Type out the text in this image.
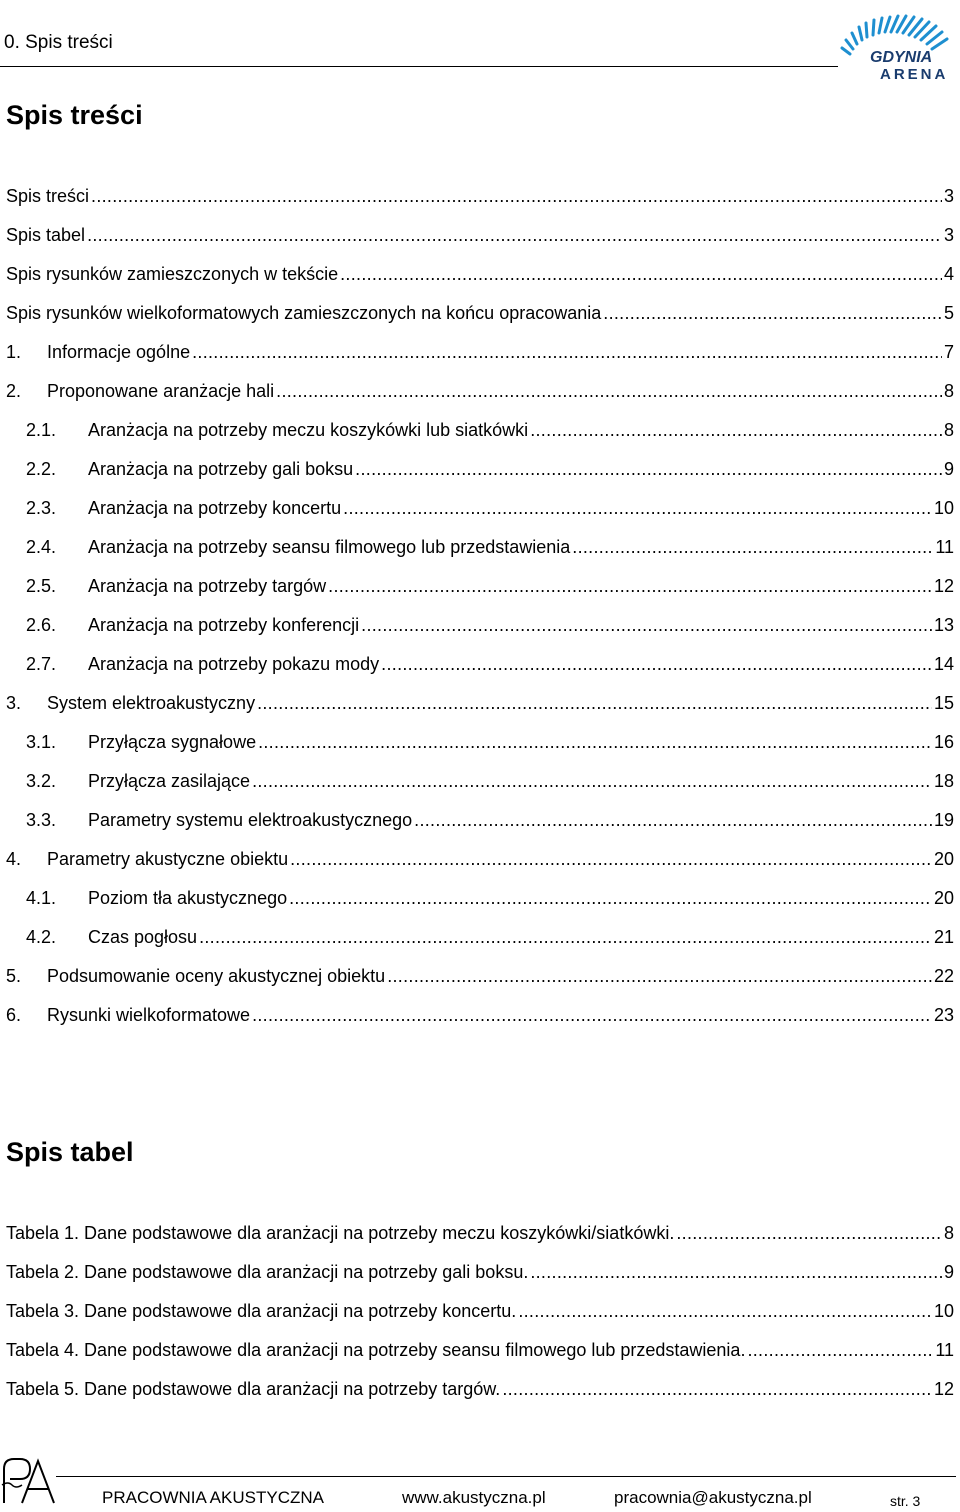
0. Spis treści
GDYNIA
ARENA
Spis treści
Spis treści .....	3
Spis tabel .....	3
Spis rysunków zamieszczonych w tekście .....	4
Spis rysunków wielkoformatowych zamieszczonych na końcu opracowania .....	5
1.	Informacje ogólne .....	7
2.	Proponowane aranżacje hali .....	8
2.1.	Aranżacja na potrzeby meczu koszykówki lub siatkówki .....	8
2.2.	Aranżacja na potrzeby gali boksu .....	9
2.3.	Aranżacja na potrzeby koncertu .....	10
2.4.	Aranżacja na potrzeby seansu filmowego lub przedstawienia .....	11
2.5.	Aranżacja na potrzeby targów .....	12
2.6.	Aranżacja na potrzeby konferencji .....	13
2.7.	Aranżacja na potrzeby pokazu mody .....	14
3.	System elektroakustyczny .....	15
3.1.	Przyłącza sygnałowe .....	16
3.2.	Przyłącza zasilające .....	18
3.3.	Parametry systemu elektroakustycznego .....	19
4.	Parametry akustyczne obiektu .....	20
4.1.	Poziom tła akustycznego .....	20
4.2.	Czas pogłosu .....	21
5.	Podsumowanie oceny akustycznej obiektu .....	22
6.	Rysunki wielkoformatowe .....	23
Spis tabel
Tabela 1. Dane podstawowe dla aranżacji na potrzeby meczu koszykówki/siatkówki. .....	8
Tabela 2. Dane podstawowe dla aranżacji na potrzeby gali boksu. .....	9
Tabela 3. Dane podstawowe dla aranżacji na potrzeby koncertu. .....	10
Tabela 4. Dane podstawowe dla aranżacji na potrzeby seansu filmowego lub przedstawienia. .....	11
Tabela 5. Dane podstawowe dla aranżacji na potrzeby targów. .....	12
PRACOWNIA AKUSTYCZNA	www.akustyczna.pl	pracownia@akustyczna.pl	str. 3
